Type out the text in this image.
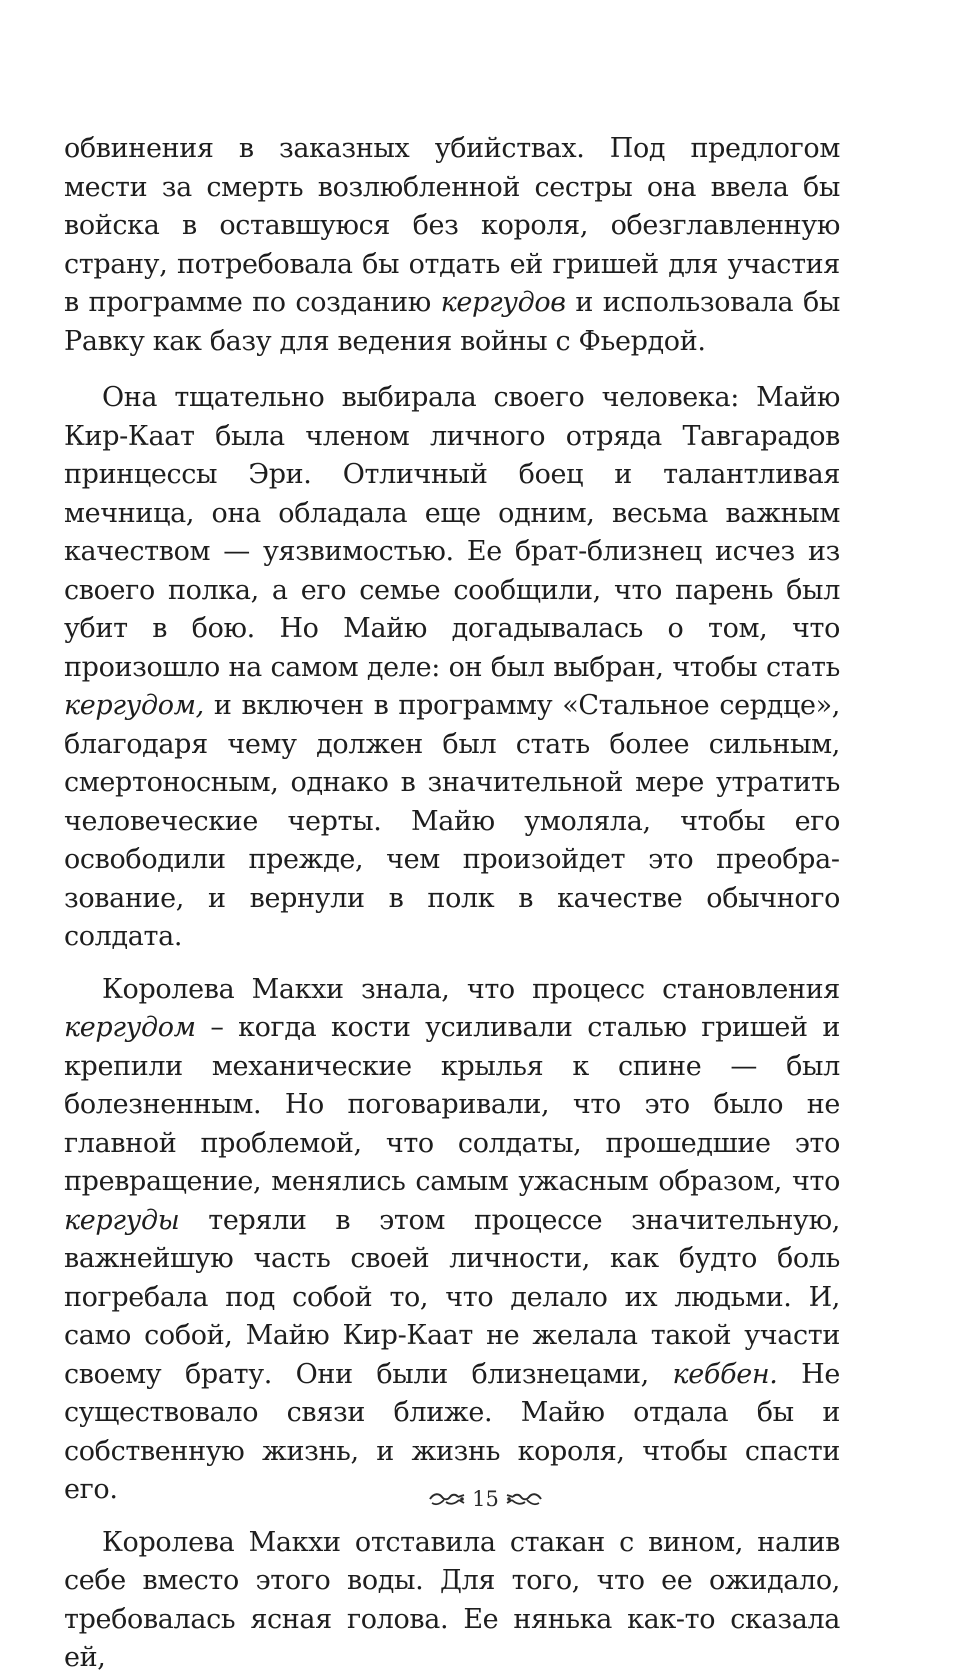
обвинения в заказных убийствах. Под предлогом мести за смерть возлюбленной сестры она ввела бы войска в оставшуюся без короля, обезглавленную страну, потребовала бы отдать ей гришей для участия в программе по созданию кергудов и использовала бы Равку как базу для ведения войны с Фьердой.

Она тщательно выбирала своего человека: Майю Кир-Каат была членом личного отряда Тавгарадов принцессы Эри. Отличный боец и талантливая мечница, она обладала еще одним, весьма важным качеством — уязвимостью. Ее брат-близнец исчез из своего полка, а его семье сообщили, что парень был убит в бою. Но Майю догадывалась о том, что произошло на самом деле: он был выбран, чтобы стать кергудом, и включен в программу «Стальное сердце», благодаря чему должен был стать более сильным, смертоносным, однако в значительной мере утратить человеческие черты. Майю умоляла, чтобы его освободили прежде, чем произойдет это преобразование, и вернули в полк в качестве обычного солдата.

Королева Макхи знала, что процесс становления кергудом – когда кости усиливали сталью гришей и крепили механические крылья к спине — был болезненным. Но поговаривали, что это было не главной проблемой, что солдаты, прошедшие это превращение, менялись самым ужасным образом, что кергуды теряли в этом процессе значительную, важнейшую часть своей личности, как будто боль погребала под собой то, что делало их людьми. И, само собой, Майю Кир-Каат не желала такой участи своему брату. Они были близнецами, кеббен. Не существовало связи ближе. Майю отдала бы и собственную жизнь, и жизнь короля, чтобы спасти его.

Королева Макхи отставила стакан с вином, налив себе вместо этого воды. Для того, что ее ожидало, требовалась ясная голова. Ее нянька как-то сказала ей,

15
